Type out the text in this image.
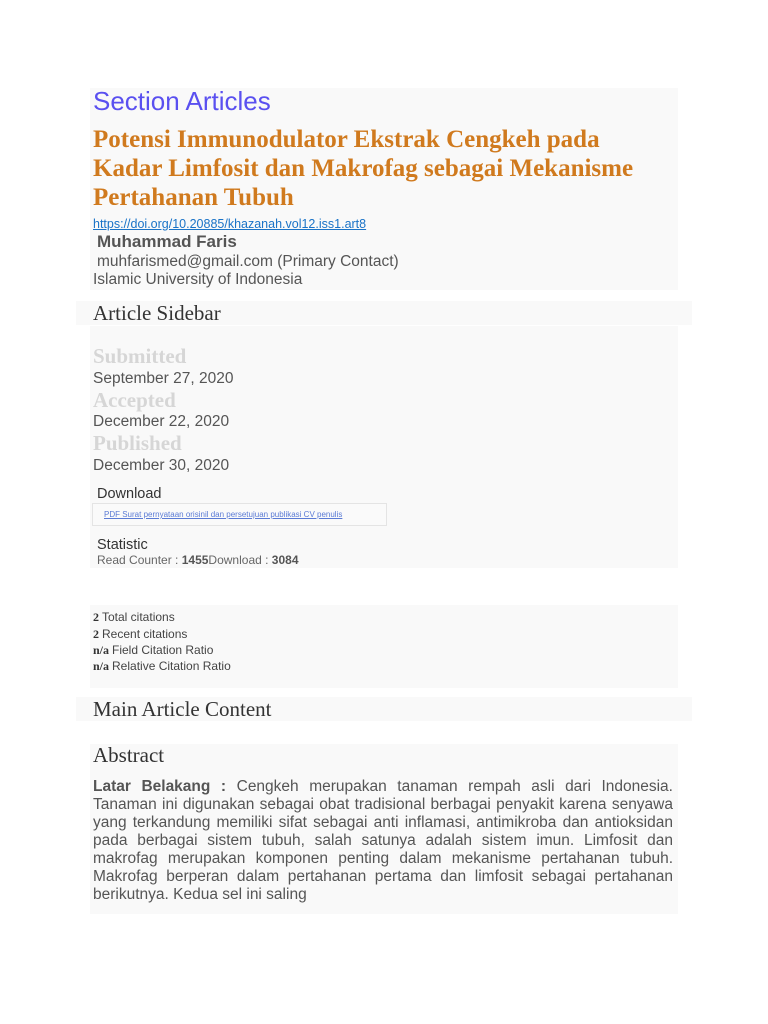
Section Articles
Potensi Immunodulator Ekstrak Cengkeh pada Kadar Limfosit dan Makrofag sebagai Mekanisme Pertahanan Tubuh
https://doi.org/10.20885/khazanah.vol12.iss1.art8
Muhammad Faris
muhfarismed@gmail.com (Primary Contact)
Islamic University of Indonesia
Article Sidebar
Submitted
September 27, 2020
Accepted
December 22, 2020
Published
December 30, 2020
Download
PDF Surat pernyataan orisinil dan persetujuan publikasi CV penulis
Statistic
Read Counter : 1455Download : 3084
2 Total citations
2 Recent citations
n/a Field Citation Ratio
n/a Relative Citation Ratio
Main Article Content
Abstract
Latar Belakang : Cengkeh merupakan tanaman rempah asli dari Indonesia. Tanaman ini digunakan sebagai obat tradisional berbagai penyakit karena senyawa yang terkandung memiliki sifat sebagai anti inflamasi, antimikroba dan antioksidan pada berbagai sistem tubuh, salah satunya adalah sistem imun. Limfosit dan makrofag merupakan komponen penting dalam mekanisme pertahanan tubuh. Makrofag berperan dalam pertahanan pertama dan limfosit sebagai pertahanan berikutnya. Kedua sel ini saling
